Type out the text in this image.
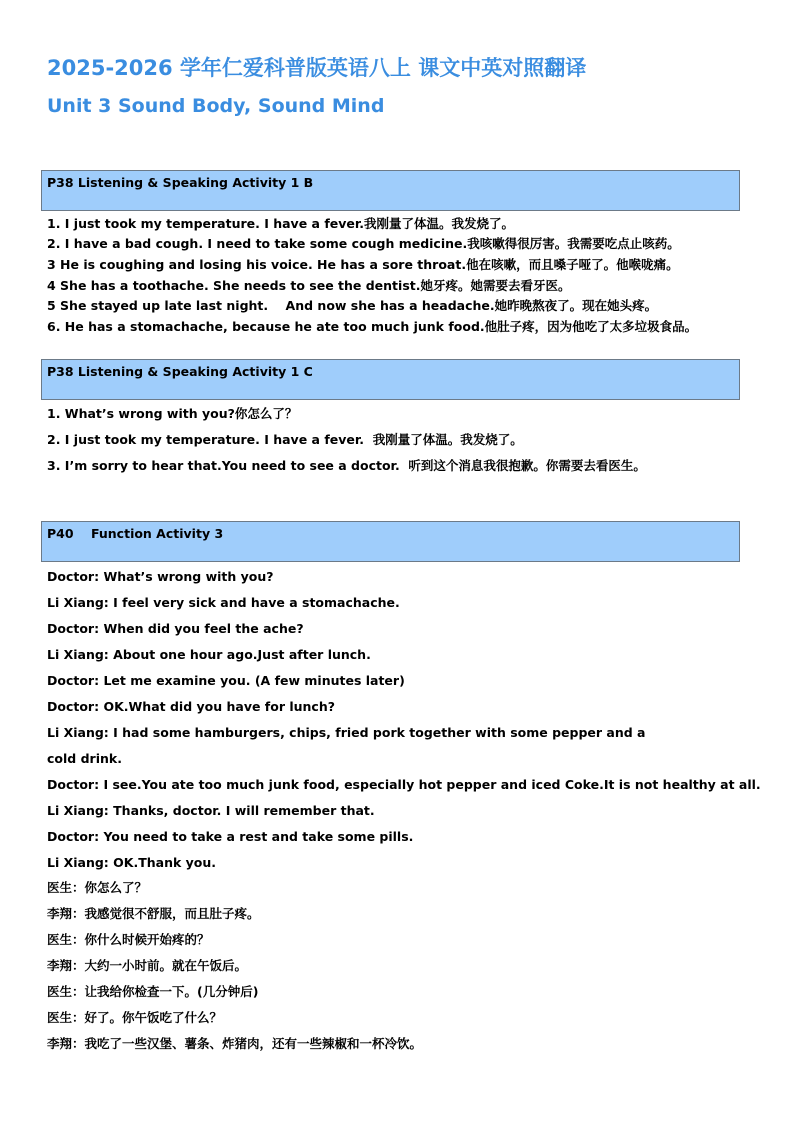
2025-2026 学年仁爱科普版英语八上 课文中英对照翻译
Unit 3 Sound Body, Sound Mind
P38 Listening & Speaking Activity 1 B
1. I just took my temperature. I have a fever.我刚量了体温。我发烧了。
2. I have a bad cough. I need to take some cough medicine.我咳嗽得很厉害。我需要吃点止咳药。
3 He is coughing and losing his voice. He has a sore throat.他在咳嗽，而且嗓子哑了。他喉咙痛。
4 She has a toothache. She needs to see the dentist.她牙疼。她需要去看牙医。
5 She stayed up late last night.    And now she has a headache.她昨晚熬夜了。现在她头疼。
6. He has a stomachache, because he ate too much junk food.他肚子疼，因为他吃了太多垃圾食品。
P38 Listening & Speaking Activity 1 C
1. What’s wrong with you?你怎么了？
2. I just took my temperature. I have a fever.  我刚量了体温。我发烧了。
3. I’m sorry to hear that.You need to see a doctor.  听到这个消息我很抱歉。你需要去看医生。
P40    Function Activity 3
Doctor: What’s wrong with you?
Li Xiang: I feel very sick and have a stomachache.
Doctor: When did you feel the ache?
Li Xiang: About one hour ago.Just after lunch.
Doctor: Let me examine you. (A few minutes later)
Doctor: OK.What did you have for lunch?
Li Xiang: I had some hamburgers, chips, fried pork together with some pepper and a
cold drink.
Doctor: I see.You ate too much junk food, especially hot pepper and iced Coke.It is not healthy at all.
Li Xiang: Thanks, doctor. I will remember that.
Doctor: You need to take a rest and take some pills.
Li Xiang: OK.Thank you.
医生：你怎么了？
李翔：我感觉很不舒服，而且肚子疼。
医生：你什么时候开始疼的？
李翔：大约一小时前。就在午饭后。
医生：让我给你检查一下。(几分钟后)
医生：好了。你午饭吃了什么？
李翔：我吃了一些汉堡、薯条、炸猪肉，还有一些辣椒和一杯冷饮。
